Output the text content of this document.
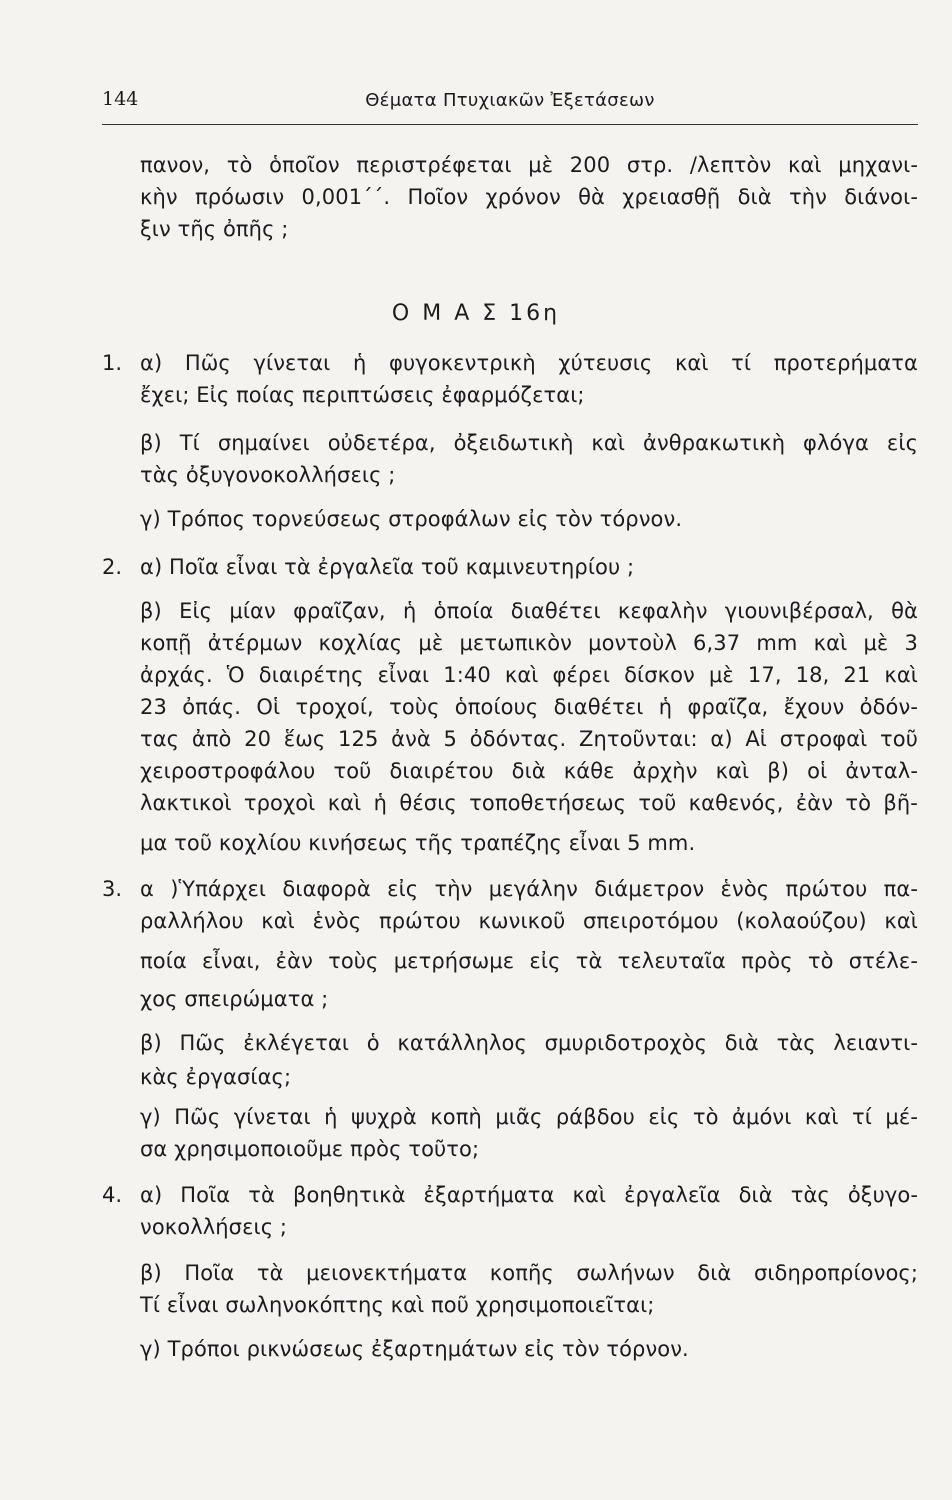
144	Θέματα Πτυχιακῶν Ἐξετάσεων
πανον, τὸ ὁποῖον περιστρέφεται μὲ 200 στρ. /λεπτὸν καὶ μηχανι-
κὴν πρόωσιν 0,001΄΄. Ποῖον χρόνον θὰ χρειασθῇ διὰ τὴν διάνοι-
ξιν τῆς ὀπῆς ;
Ο Μ Α Σ 16η
1. α) Πῶς γίνεται ἡ φυγοκεντρικὴ χύτευσις καὶ τί προτερήματα
ἔχει; Εἰς ποίας περιπτώσεις ἐφαρμόζεται;
β) Τί σημαίνει οὐδετέρα, ὀξειδωτικὴ καὶ ἀνθρακωτικὴ φλόγα εἰς
τὰς ὀξυγονοκολλήσεις ;
γ) Τρόπος τορνεύσεως στροφάλων εἰς τὸν τόρνον.
2. α) Ποῖα εἶναι τὰ ἐργαλεῖα τοῦ καμινευτηρίου ;
β) Εἰς μίαν φραῖζαν, ἡ ὁποία διαθέτει κεφαλὴν γιουνιβέρσαλ, θὰ
κοπῇ ἀτέρμων κοχλίας μὲ μετωπικὸν μοντοὺλ 6,37 mm καὶ μὲ 3
ἀρχάς. Ὁ διαιρέτης εἶναι 1:40 καὶ φέρει δίσκον μὲ 17, 18, 21 καὶ
23 ὀπάς. Οἱ τροχοί, τοὺς ὁποίους διαθέτει ἡ φραῖζα, ἔχουν ὀδόν-
τας ἀπὸ 20 ἕως 125 ἀνὰ 5 ὀδόντας. Ζητοῦνται: α) Αἱ στροφαὶ τοῦ
χειροστροφάλου τοῦ διαιρέτου διὰ κάθε ἀρχὴν καὶ β) οἱ ἀνταλ-
λακτικοὶ τροχοὶ καὶ ἡ θέσις τοποθετήσεως τοῦ καθενός, ἐὰν τὸ βῆ-
μα τοῦ κοχλίου κινήσεως τῆς τραπέζης εἶναι 5 mm.
3. α )Ὑπάρχει διαφορὰ εἰς τὴν μεγάλην διάμετρον ἑνὸς πρώτου πα-
ραλλήλου καὶ ἑνὸς πρώτου κωνικοῦ σπειροτόμου (κολαούζου) καὶ
ποία εἶναι, ἐὰν τοὺς μετρήσωμε εἰς τὰ τελευταῖα πρὸς τὸ στέλε-
χος σπειρώματα ;
β) Πῶς ἐκλέγεται ὁ κατάλληλος σμυριδοτροχὸς διὰ τὰς λειαντι-
κὰς ἐργασίας;
γ) Πῶς γίνεται ἡ ψυχρὰ κοπὴ μιᾶς ράβδου εἰς τὸ ἀμόνι καὶ τί μέ-
σα χρησιμοποιοῦμε πρὸς τοῦτο;
4. α) Ποῖα τὰ βοηθητικὰ ἐξαρτήματα καὶ ἐργαλεῖα διὰ τὰς ὀξυγο-
νοκολλήσεις ;
β) Ποῖα τὰ μειονεκτήματα κοπῆς σωλήνων διὰ σιδηροπρίονος;
Τί εἶναι σωληνοκόπτης καὶ ποῦ χρησιμοποιεῖται;
γ) Τρόποι ρικνώσεως ἐξαρτημάτων εἰς τὸν τόρνον.
